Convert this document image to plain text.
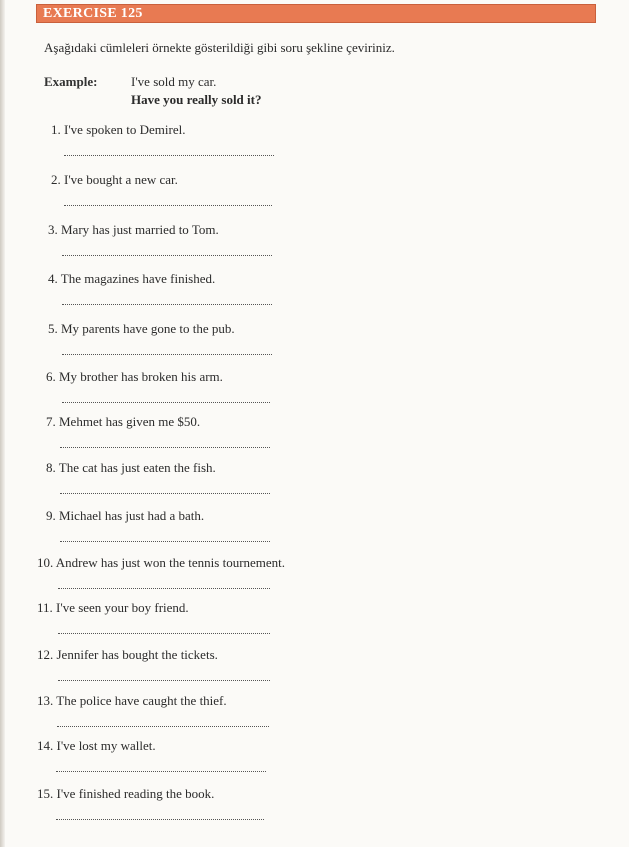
EXERCISE 125
Aşağıdaki cümleleri örnekte gösterildiği gibi soru şekline çeviriniz.
Example:	I've sold my car.
Have you really sold it?
1. I've spoken to Demirel.
2. I've bought a new car.
3. Mary has just married to Tom.
4. The magazines have finished.
5. My parents have gone to the pub.
6. My brother has broken his arm.
7. Mehmet has given me $50.
8. The cat has just eaten the fish.
9. Michael has just had a bath.
10. Andrew has just won the tennis tournement.
11. I've seen your boy friend.
12. Jennifer has bought the tickets.
13. The police have caught the thief.
14. I've lost my wallet.
15. I've finished reading the book.
